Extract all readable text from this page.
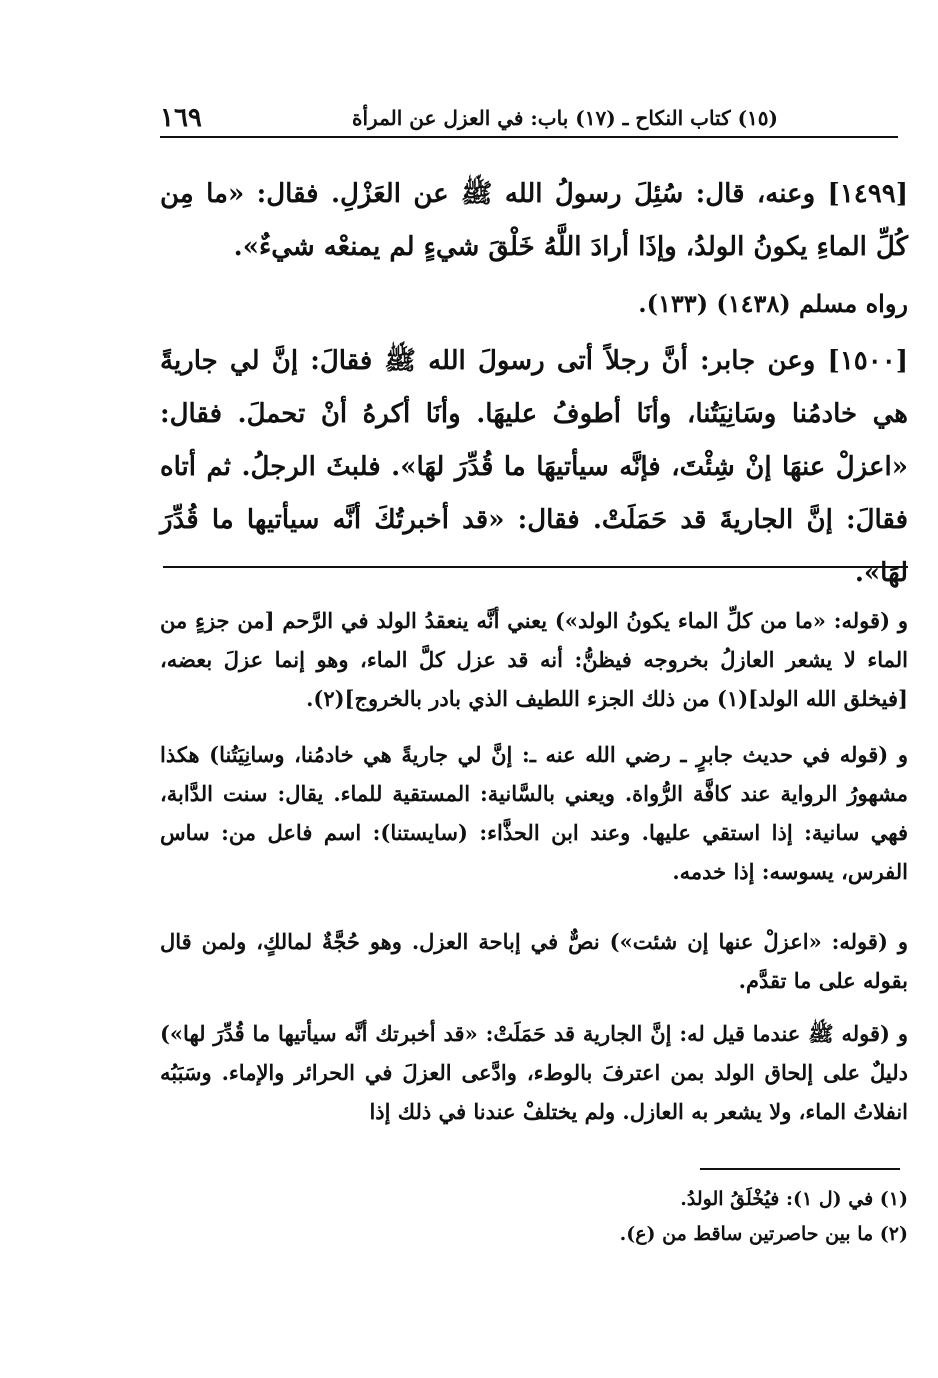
(١٥) كتاب النكاح ـ (١٧) باب: في العزل عن المرأة
١٦٩

[١٤٩٩] وعنه، قال: سُئِلَ رسولُ الله ﷺ عن العَزْلِ. فقال: «ما مِن كُلِّ الماءِ يكونُ الولدُ، وإذَا أرادَ اللَّهُ خَلْقَ شيءٍ لم يمنعْه شيءٌ».

رواه مسلم (١٤٣٨) (١٣٣).

[١٥٠٠] وعن جابر: أنَّ رجلاً أتى رسولَ الله ﷺ فقالَ: إنَّ لي جاريةً هي خادمُنا وسَانِيَتُنا، وأنَا أطوفُ عليهَا. وأنَا أكرهُ أنْ تحملَ. فقال: «اعزلْ عنهَا إنْ شِئْتَ، فإنَّه سيأتيهَا ما قُدِّرَ لهَا». فلبثَ الرجلُ. ثم أتاه فقالَ: إنَّ الجاريةَ قد حَمَلَتْ. فقال: «قد أخبرتُكَ أنَّه سيأتيها ما قُدِّرَ لهَا».

و (قوله: «ما من كلِّ الماء يكونُ الولد») يعني أنَّه ينعقدُ الولد في الرَّحم [من جزءٍ من الماء لا يشعر العازلُ بخروجه فيظنُّ: أنه قد عزل كلَّ الماء، وهو إنما عزلَ بعضه، [فيخلق الله الولد](١) من ذلك الجزء اللطيف الذي بادر بالخروج](٢).

و (قوله في حديث جابرٍ ـ رضي الله عنه ـ: إنَّ لي جاريةً هي خادمُنا، وسانِيَتُنا) هكذا مشهورُ الرواية عند كافَّة الرُّواة. ويعني بالسَّانية: المستقية للماء. يقال: سنت الدَّابة، فهي سانية: إذا استقي عليها. وعند ابن الحذَّاء: (سايستنا): اسم فاعل من: ساس الفرس، يسوسه: إذا خدمه.

و (قوله: «اعزلْ عنها إن شئت») نصٌّ في إباحة العزل. وهو حُجَّةٌ لمالكٍ، ولمن قال بقوله على ما تقدَّم.

و (قوله ﷺ عندما قيل له: إنَّ الجارية قد حَمَلَتْ: «قد أخبرتك أنَّه سيأتيها ما قُدِّرَ لها») دليلٌ على إلحاق الولد بمن اعترفَ بالوطء، وادَّعى العزلَ في الحرائر والإماء. وسَبَبُه انفلاتُ الماء، ولا يشعر به العازل. ولم يختلفْ عندنا في ذلك إذا

(١) في (ل ١): فيُخْلَقُ الولدُ.

(٢) ما بين حاصرتين ساقط من (ع).
